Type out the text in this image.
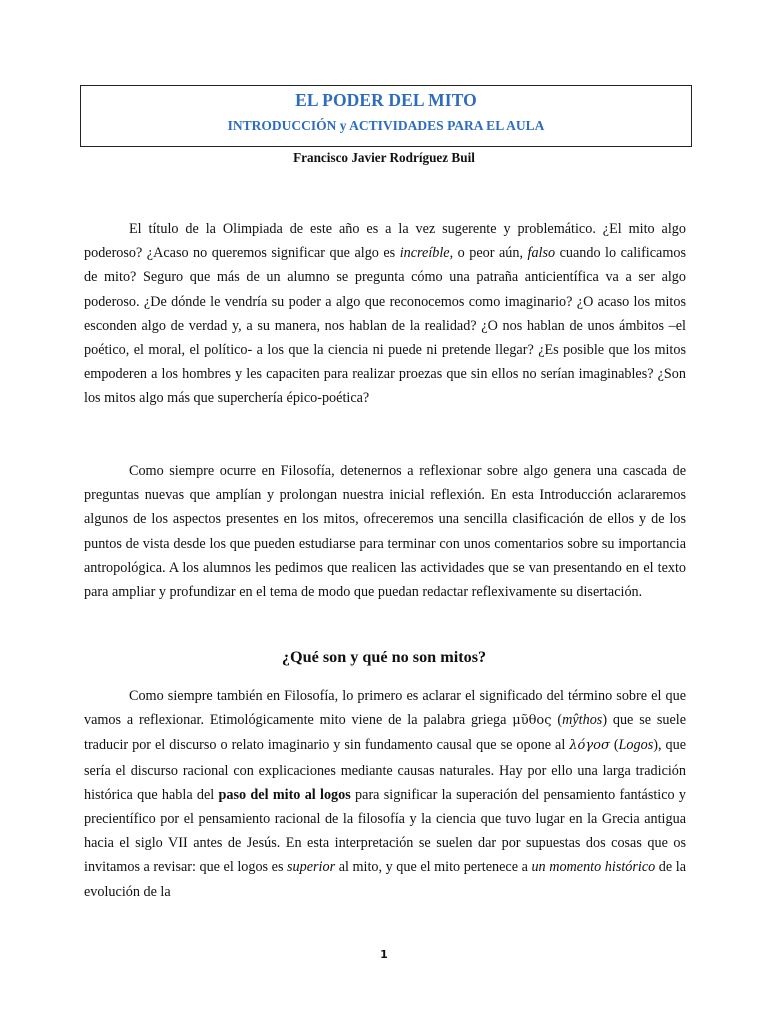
EL PODER DEL MITO
INTRODUCCIÓN y ACTIVIDADES PARA EL AULA
Francisco Javier Rodríguez Buil

El título de la Olimpiada de este año es a la vez sugerente y problemático. ¿El mito algo poderoso? ¿Acaso no queremos significar que algo es increíble, o peor aún, falso cuando lo calificamos de mito? Seguro que más de un alumno se pregunta cómo una patraña anticientífica va a ser algo poderoso. ¿De dónde le vendría su poder a algo que reconocemos como imaginario? ¿O acaso los mitos esconden algo de verdad y, a su manera, nos hablan de la realidad? ¿O nos hablan de unos ámbitos –el poético, el moral, el político- a los que la ciencia ni puede ni pretende llegar? ¿Es posible que los mitos empoderen a los hombres y les capaciten para realizar proezas que sin ellos no serían imaginables? ¿Son los mitos algo más que superchería épico-poética?

Como siempre ocurre en Filosofía, detenernos a reflexionar sobre algo genera una cascada de preguntas nuevas que amplían y prolongan nuestra inicial reflexión. En esta Introducción aclararemos algunos de los aspectos presentes en los mitos, ofreceremos una sencilla clasificación de ellos y de los puntos de vista desde los que pueden estudiarse para terminar con unos comentarios sobre su importancia antropológica. A los alumnos les pedimos que realicen las actividades que se van presentando en el texto para ampliar y profundizar en el tema de modo que puedan redactar reflexivamente su disertación.

¿Qué son y qué no son mitos?

Como siempre también en Filosofía, lo primero es aclarar el significado del término sobre el que vamos a reflexionar. Etimológicamente mito viene de la palabra griega μῦθος (mŷthos) que se suele traducir por el discurso o relato imaginario y sin fundamento causal que se opone al λόγοσ (Logos), que sería el discurso racional con explicaciones mediante causas naturales. Hay por ello una larga tradición histórica que habla del paso del mito al logos para significar la superación del pensamiento fantástico y precientífico por el pensamiento racional de la filosofía y la ciencia que tuvo lugar en la Grecia antigua hacia el siglo VII antes de Jesús. En esta interpretación se suelen dar por supuestas dos cosas que os invitamos a revisar: que el logos es superior al mito, y que el mito pertenece a un momento histórico de la evolución de la

1
